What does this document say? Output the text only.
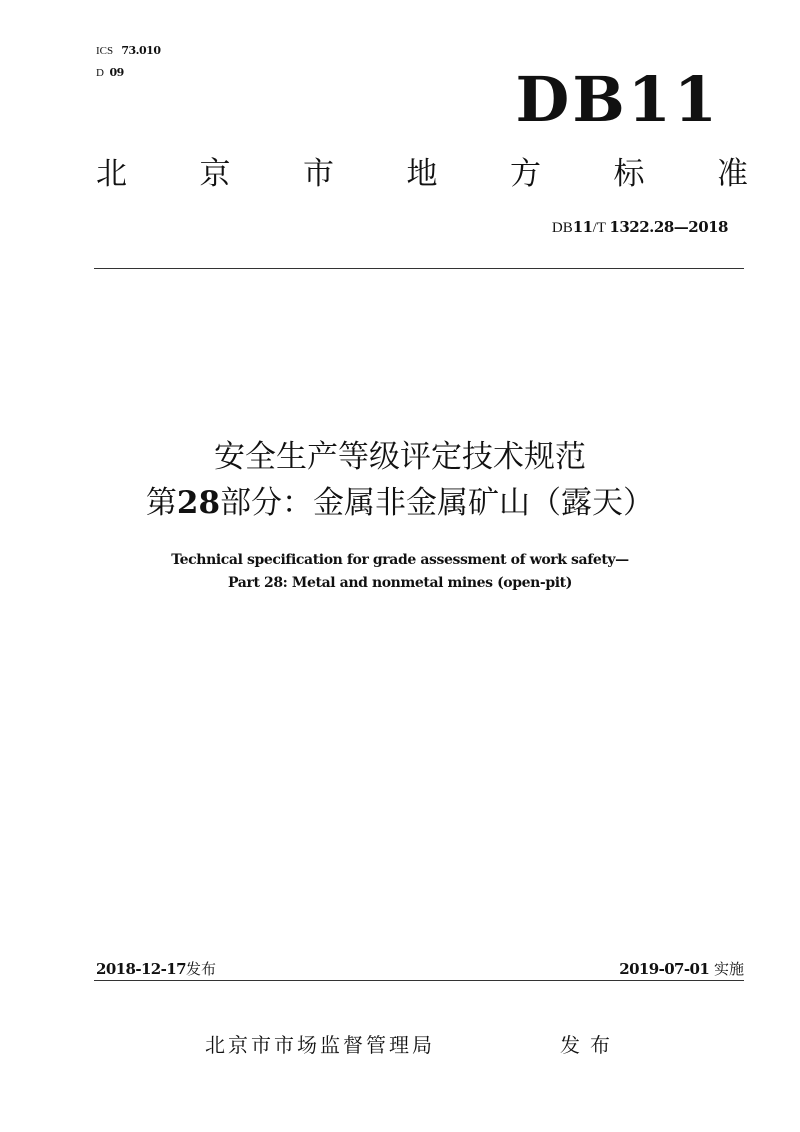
ICS 73.010
D 09	DB11
北 京 市 地 方 标 准
DB11/T 1322.28—2018
安全生产等级评定技术规范
第28部分：金属非金属矿山（露天）
Technical specification for grade assessment of work safety—
Part 28: Metal and nonmetal mines (open-pit)
2018-12-17发布	2019-07-01 实施
北京市市场监督管理局	发布
